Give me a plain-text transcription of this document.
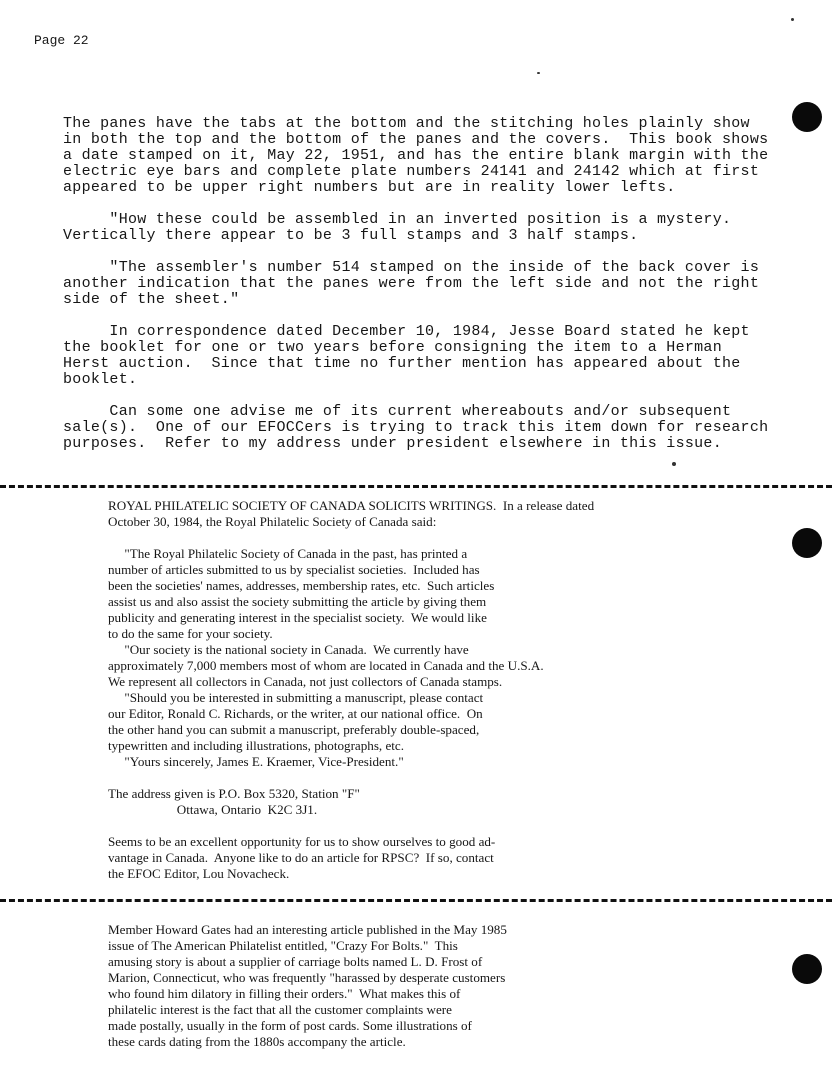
Page 22

The panes have the tabs at the bottom and the stitching holes plainly show
in both the top and the bottom of the panes and the covers.  This book shows
a date stamped on it, May 22, 1951, and has the entire blank margin with the
electric eye bars and complete plate numbers 24141 and 24142 which at first
appeared to be upper right numbers but are in reality lower lefts.
"How these could be assembled in an inverted position is a mystery.
Vertically there appear to be 3 full stamps and 3 half stamps.
"The assembler's number 514 stamped on the inside of the back cover is
another indication that the panes were from the left side and not the right
side of the sheet."
In correspondence dated December 10, 1984, Jesse Board stated he kept
the booklet for one or two years before consigning the item to a Herman
Herst auction.  Since that time no further mention has appeared about the
booklet.
Can some one advise me of its current whereabouts and/or subsequent
sale(s).  One of our EFOCCers is trying to track this item down for research
purposes.  Refer to my address under president elsewhere in this issue.
ROYAL PHILATELIC SOCIETY OF CANADA SOLICITS WRITINGS.  In a release dated
October 30, 1984, the Royal Philatelic Society of Canada said:
"The Royal Philatelic Society of Canada in the past, has printed a
number of articles submitted to us by specialist societies.  Included has
been the societies' names, addresses, membership rates, etc.  Such articles
assist us and also assist the society submitting the article by giving them
publicity and generating interest in the specialist society.  We would like
to do the same for your society.
"Our society is the national society in Canada.  We currently have
approximately 7,000 members most of whom are located in Canada and the U.S.A.
We represent all collectors in Canada, not just collectors of Canada stamps.
"Should you be interested in submitting a manuscript, please contact
our Editor, Ronald C. Richards, or the writer, at our national office.  On
the other hand you can submit a manuscript, preferably double-spaced,
typewritten and including illustrations, photographs, etc.
"Yours sincerely, James E. Kraemer, Vice-President."
The address given is P.O. Box 5320, Station "F"
Ottawa, Ontario  K2C 3J1.
Seems to be an excellent opportunity for us to show ourselves to good ad-
vantage in Canada.  Anyone like to do an article for RPSC?  If so, contact
the EFOC Editor, Lou Novacheck.
Member Howard Gates had an interesting article published in the May 1985
issue of The American Philatelist entitled, "Crazy For Bolts."  This
amusing story is about a supplier of carriage bolts named L. D. Frost of
Marion, Connecticut, who was frequently "harassed by desperate customers
who found him dilatory in filling their orders."  What makes this of
philatelic interest is the fact that all the customer complaints were
made postally, usually in the form of post cards. Some illustrations of
these cards dating from the 1880s accompany the article.
